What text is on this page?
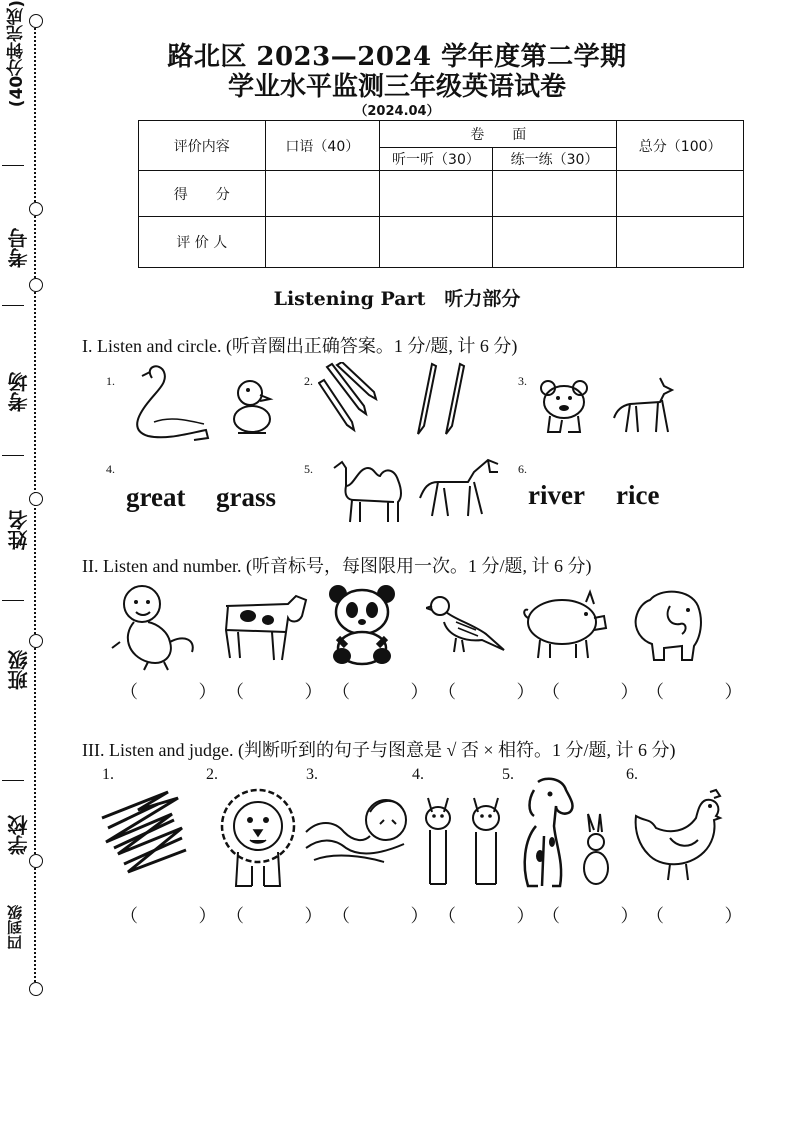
(40分钟完成)
考号
考场
姓名
班级
学校
四到级
路北区 2023—2024 学年度第二学期
学业水平监测三年级英语试卷
（2024.04）
评价内容	口语（40）	卷　　面		总分（100）
		听一听（30）	练一练（30）	
得　　分				
评 价 人				
Listening Part　听力部分
I. Listen and circle. (听音圈出正确答案。1 分/题, 计 6 分)
1.	2.	3.
4.
great grass
5.	6.
river rice
II. Listen and number. (听音标号，每图限用一次。1 分/题, 计 6 分)
（ ）
（ ）
（ ）
（ ）
（ ）
（ ）
III. Listen and judge. (判断听到的句子与图意是 √ 否 × 相符。1 分/题, 计 6 分)
1.	2.	3.	4.	5.	6.
（ ）
（ ）
（ ）
（ ）
（ ）
（ ）
